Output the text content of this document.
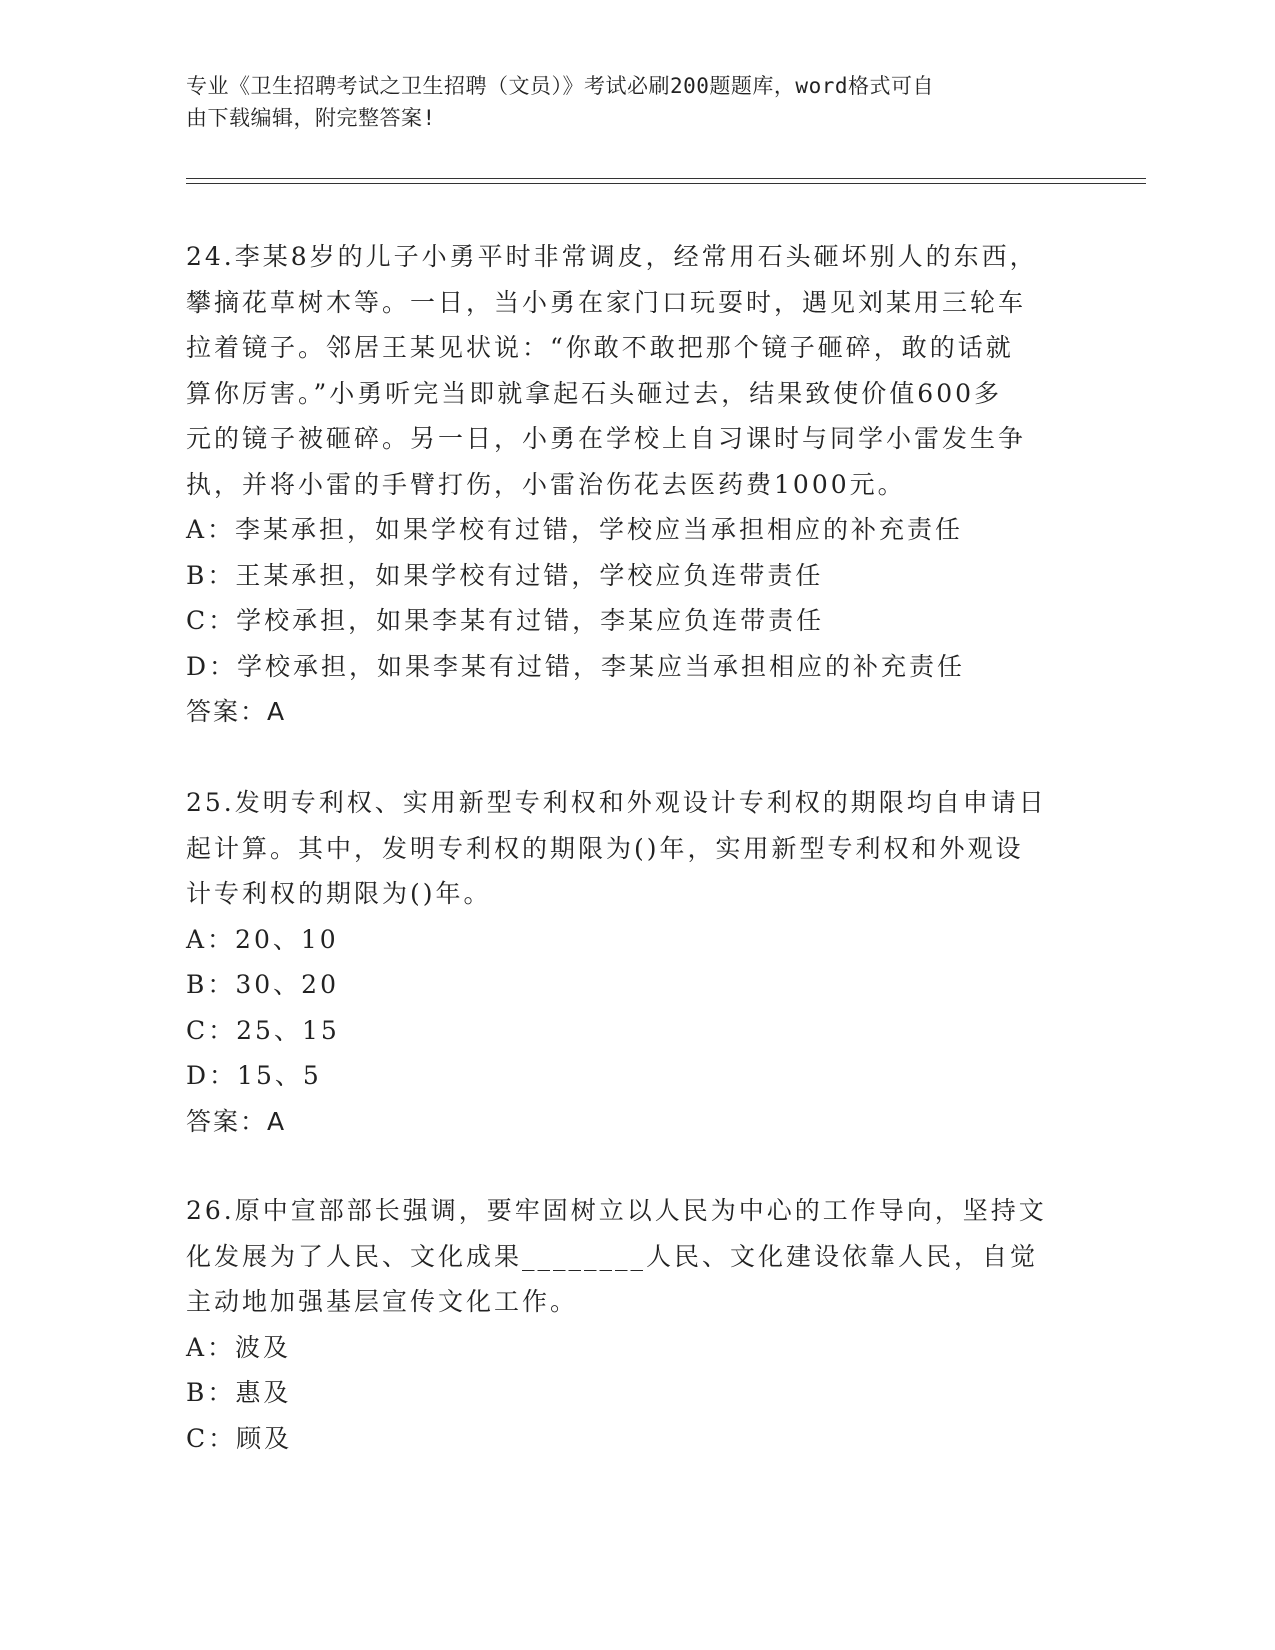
专业《卫生招聘考试之卫生招聘（文员）》考试必刷200题题库，word格式可自
由下载编辑，附完整答案!

24.李某8岁的儿子小勇平时非常调皮，经常用石头砸坏别人的东西，

攀摘花草树木等。一日，当小勇在家门口玩耍时，遇见刘某用三轮车

拉着镜子。邻居王某见状说：“你敢不敢把那个镜子砸碎，敢的话就

算你厉害。”小勇听完当即就拿起石头砸过去，结果致使价值600多

元的镜子被砸碎。另一日，小勇在学校上自习课时与同学小雷发生争

执，并将小雷的手臂打伤，小雷治伤花去医药费1000元。

A：李某承担，如果学校有过错，学校应当承担相应的补充责任

B：王某承担，如果学校有过错，学校应负连带责任

C：学校承担，如果李某有过错，李某应负连带责任

D：学校承担，如果李某有过错，李某应当承担相应的补充责任

答案：A

25.发明专利权、实用新型专利权和外观设计专利权的期限均自申请日

起计算。其中，发明专利权的期限为()年，实用新型专利权和外观设

计专利权的期限为()年。

A：20、10

B：30、20

C：25、15

D：15、5

答案：A

26.原中宣部部长强调，要牢固树立以人民为中心的工作导向，坚持文

化发展为了人民、文化成果________人民、文化建设依靠人民，自觉

主动地加强基层宣传文化工作。

A：波及

B：惠及

C：顾及
